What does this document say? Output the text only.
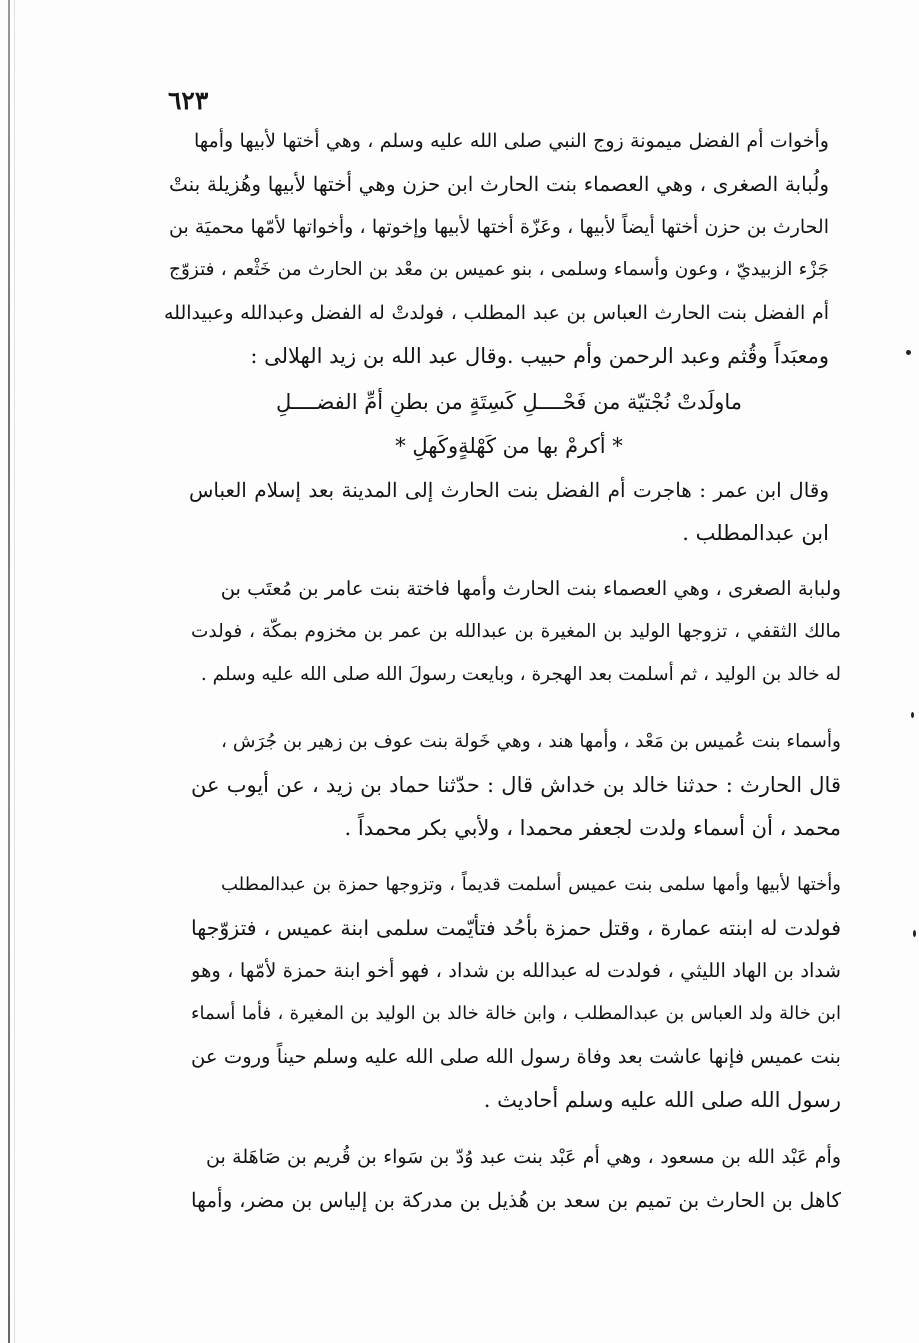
٦٢٣
وأخوات أم الفضل ميمونة زوج النبي صلى الله عليه وسلم ، وهي أختها لأبيها وأمها
ولُبابة الصغرى ، وهي العصماء بنت الحارث ابن حزن وهي أختها لأبيها وهُزيلة بنتْ
الحارث بن حزن أختها أيضاً لأبيها ، وعَزّة أختها لأبيها وإخوتها ، وأخواتها لأمّها محميَة بن
جَزْء الزبيديّ ، وعون وأسماء وسلمى ، بنو عميس بن معْد بن الحارث من خَثْعم ، فتزوّج
أم الفضل بنت الحارث العباس بن عبد المطلب ، فولدتْ له الفضل وعبدالله وعبيدالله
ومعبَداً وقُثم وعبد الرحمن وأم حبيب .وقال عبد الله بن زيد الهلالى :
ماولَدتْ نُجْتيّة من فَحْــــلِ كَسِتَةٍ من بطنِ أمِّ الفضــــلِ
* أكرمْ بها من كَهْلةٍوكَهلِ *
وقال ابن عمر : هاجرت أم الفضل بنت الحارث إلى المدينة بعد إسلام العباس
ابن عبدالمطلب .
ولبابة الصغرى ، وهي العصماء بنت الحارث وأمها فاختة بنت عامر بن مُعتَب بن
مالك الثقفي ، تزوجها الوليد بن المغيرة بن عبدالله بن عمر بن مخزوم بمكّة ، فولدت
له خالد بن الوليد ، ثم أسلمت بعد الهجرة ، وبايعت رسولَ الله صلى الله عليه وسلم .
وأسماء بنت عُميس بن مَعْد ، وأمها هند ، وهي خَولة بنت عوف بن زهير بن جُرَش ،
قال الحارث : حدثنا خالد بن خداش قال : حدّثنا حماد بن زيد ، عن أيوب عن
محمد ، أن أسماء ولدت لجعفر محمدا ، ولأبي بكر محمداً .
وأختها لأبيها وأمها سلمى بنت عميس أسلمت قديماً ، وتزوجها حمزة بن عبدالمطلب
فولدت له ابنته عمارة ، وقتل حمزة بأحُد فتأيّمت سلمى ابنة عميس ، فتزوّجها
شداد بن الهاد الليثي ، فولدت له عبدالله بن شداد ، فهو أخو ابنة حمزة لأمّها ، وهو
ابن خالة ولد العباس بن عبدالمطلب ، وابن خالة خالد بن الوليد بن المغيرة ، فأما أسماء
بنت عميس فإنها عاشت بعد وفاة رسول الله صلى الله عليه وسلم حيناً وروت عن
رسول الله صلى الله عليه وسلم أحاديث .
وأم عَبْد الله بن مسعود ، وهي أم عَبْد بنت عبد وُدّ بن سَواء بن قُريم بن صَاهَلة بن
كاهل بن الحارث بن تميم بن سعد بن هُذيل بن مدركة بن إلياس بن مضر، وأمها
